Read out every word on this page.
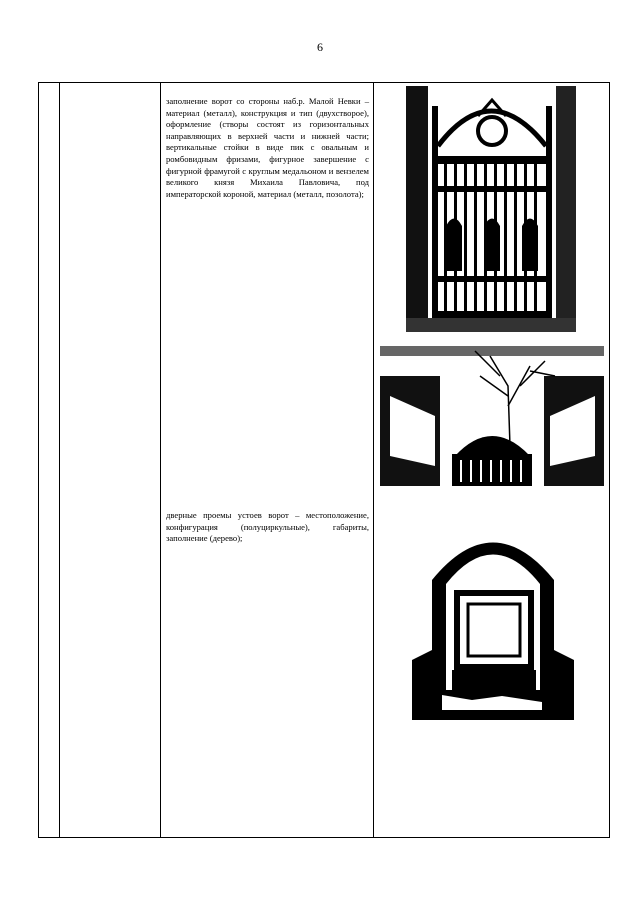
6
заполнение ворот со стороны наб.р. Малой Невки – материал (металл), конструкция и тип (двухстворое), оформление (створы состоят из горизонтальных направляющих в верхней части и нижней части; вертикальные стойки в виде пик с овальным и ромбовидным фризами, фигурное завершение с фигурной фрамугой с круглым медальоном и вензелем великого князя Михаила Павловича, под императорской короной, материал (металл, позолота);
дверные проемы устоев ворот – местоположение, конфигурация (полуциркульные), габариты, заполнение (дерево);
